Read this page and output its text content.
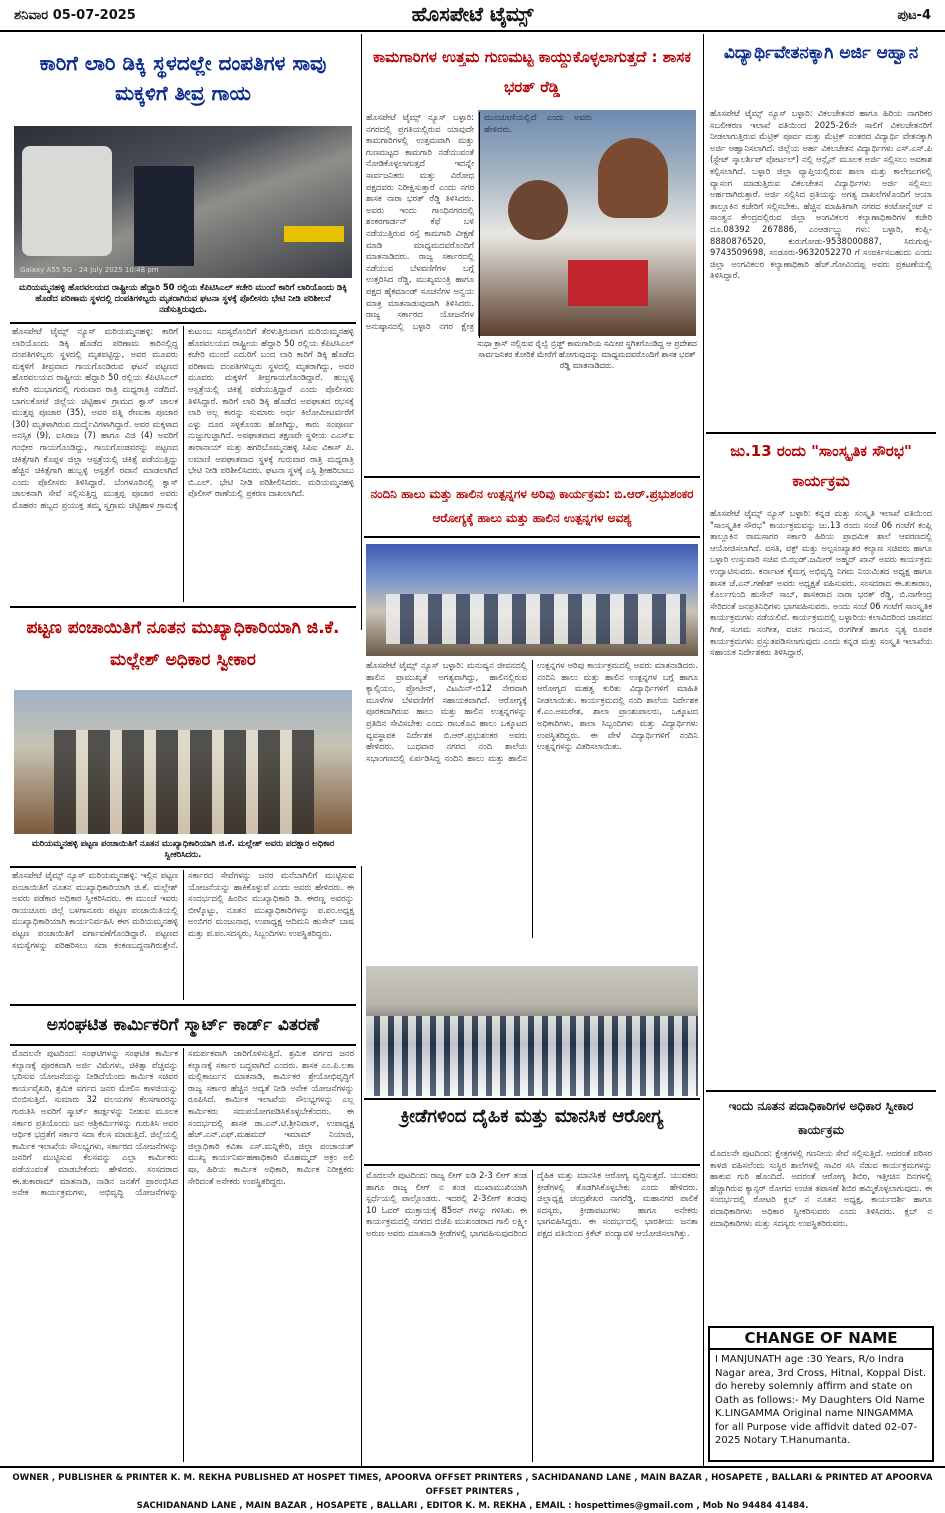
ಶನಿವಾರ 05-07-2025	ಹೊಸಪೇಟೆ ಟೈಮ್ಸ್	ಪುಟ-4
ಕಾರಿಗೆ ಲಾರಿ ಡಿಕ್ಕಿ ಸ್ಥಳದಲ್ಲೇ ದಂಪತಿಗಳ ಸಾವು ಮಕ್ಕಳಿಗೆ ತೀವ್ರ ಗಾಯ
Galaxy A55 5G · 24 July 2025 10:48 pm
ಮರಿಯಮ್ಮನಹಳ್ಳಿ ಹೊರವಲಯದ ರಾಷ್ಟ್ರೀಯ ಹೆದ್ದಾರಿ 50 ರಲ್ಲಿಯ ಕೆಪಿಟಿಸಿಎಲ್ ಕಚೇರಿ ಮುಂದೆ ಕಾರಿಗೆ ಲಾರಿಯೊಂದು ಡಿಕ್ಕಿ ಹೊಡೆದ ಪರಿಣಾಮ ಸ್ಥಳದಲ್ಲಿ ದಂಪತಿಗಳಿಬ್ಬರು ಮೃತರಾಗಿರುವ ಘಟನಾ ಸ್ಥಳಕ್ಕೆ ಪೊಲೀಸರು ಭೇಟಿ ನೀಡಿ ಪರಿಶೀಲನೆ ನಡೆಸುತ್ತಿರುವುದು.
ಹೊಸಪೇಟೆ ಟೈಮ್ಸ್ ನ್ಯೂಸ್ ಮರಿಯಮ್ಮನಹಳ್ಳಿ: ಕಾರಿಗೆ ಲಾರಿಯೊಂದು ಡಿಕ್ಕಿ ಹೊಡೆದ ಪರಿಣಾಮ ಕಾರಿನಲ್ಲಿದ್ದ ದಂಪತಿಗಳಿಬ್ಬರು ಸ್ಥಳದಲ್ಲಿ ಮೃತಪಟ್ಟಿದ್ದು, ಅವರ ಮೂವರು ಮಕ್ಕಳಿಗೆ ತೀವ್ರವಾದ ಗಾಯಗೊಂಡಿರುವ ಘಟನೆ ಪಟ್ಟಣದ ಹೊರವಲಯದ ರಾಷ್ಟ್ರೀಯ ಹೆದ್ದಾರಿ 50 ರಲ್ಲಿಯ ಕೆಪಿಟಿಸಿಎಲ್ ಕಚೇರಿ ಮುಭಾಗದಲ್ಲಿ ಗುರುವಾರ ರಾತ್ರಿ ಮಧ್ಯರಾತ್ರಿ ನಡೆದಿದೆ. ಬಾಗಲಕೋಟೆ ಜಿಲ್ಲೆಯ ಚಿಟ್ಟಿಹಾಳ ಗ್ರಾಮದ ಕ್ವಾಸ್ ಚಾಲಕ ಮುತ್ತಪ್ಪ ಪೂಜಾರ (35), ಅವರ ಪತ್ನಿ ರೇಣುಕಾ ಪೂಜಾರ (30) ಮೃತಳಾಗಿರುವ ದುರ್ದೈವಿಗಳಾಗಿದ್ದಾರೆ. ಅವರ ಮಕ್ಕಳಾದ ಅನಸ್ಸಿಕ (9), ಐಸಿರಾಜ (7) ಹಾಗೂ ವಿಜಿ (4) ಅವರಿಗೆ ಗಂಭೀರ ಗಾಯಗೊಂಡಿದ್ದು, ಗಾಯಗೊಂಡವರನ್ನು ಪಟ್ಟಣದ ಚಿಕಿತ್ಸೆಗಾಗಿ ಕೊಪ್ಪಳ ಜಿಲ್ಲಾ ಆಸ್ಪತ್ರೆಯಲ್ಲಿ ಚಿಕಿತ್ಸೆ ಪಡೆಯುತ್ತಿದ್ದು ಹೆಚ್ಚಿನ ಚಿಕಿತ್ಸೆಗಾಗಿ ಹುಬ್ಬಳ್ಳಿ ಆಸ್ಪತ್ರೆಗೆ ರವಾನೆ ಮಾಡಲಾಗಿದೆ ಎಂದು ಪೊಲೀಸರು ತಿಳಿಸಿದ್ದಾರೆ. ಬೆಂಗಳೂರಿನಲ್ಲಿ ಕ್ವಾಸ್ ಚಾಲಕನಾಗಿ ಸೇವೆ ಸಲ್ಲಿಸುತ್ತಿದ್ದ ಮುತ್ತಪ್ಪ ಪೂಜಾರ ಅವರು ಮೊಹರಂ ಹಬ್ಬದ ಪ್ರಯುಕ್ತ ತಮ್ಮ ಸ್ವಗ್ರಾಮ ಚಿಟ್ಟಿಹಾಳ ಗ್ರಾಮಕ್ಕೆ ಕುಟುಂಬ ಸದಸ್ಯರೊಂದಿಗೆ ತೆರಳುತ್ತಿರುವಾಗ ಮರಿಯಮ್ಮನಹಳ್ಳಿ ಹೊರವಲಯದ ರಾಷ್ಟ್ರೀಯ ಹೆದ್ದಾರಿ 50 ರಲ್ಲಿಯ ಕೆಪಿಟಿಸಿಎಲ್ ಕಚೇರಿ ಮುಂದೆ ಎದುರಿಗೆ ಬಂದ ಲಾರಿ ಕಾರಿಗೆ ಡಿಕ್ಕಿ ಹೊಡೆದ ಪರಿಣಾಮ ದಂಪತಿಗಳಿಬ್ಬರು ಸ್ಥಳದಲ್ಲಿ ಮೃತರಾಗಿದ್ದು, ಅವರ ಮೂವರು ಮಕ್ಕಳಿಗೆ ತೀವ್ರಗಾಯಗೊಂಡಿದ್ದಾರೆ. ಹುಬ್ಬಳ್ಳಿ ಆಸ್ಪತ್ರೆಯಲ್ಲಿ ಚಿಕಿತ್ಸೆ ಪಡೆಯುತ್ತಿದ್ದಾರೆ ಎಂದು ಪೊಲೀಸರು ತಿಳಿಸಿದ್ದಾರೆ. ಕಾರಿಗೆ ಲಾರಿ ಡಿಕ್ಕಿ ಹೊಡೆದ ಅಪಘಾತದ ರಭಸಕ್ಕೆ ಲಾರಿ ಅಲ್ಲ ಕಾರನ್ನು ಸುಮಾರು ಅರ್ಧ ಕಿಲೋಮೀಟರ್ವರೆಗೆ ಎಳ್ಳು ದೂರ ಸಳ್ಳಕೊಂಡು ಹೋಗಿದ್ದು, ಕಾರು ಸಂಪೂರ್ಣ ನುಜ್ಜುಗುಜ್ಜಾಗಿದೆ. ಅಪಘಾತವಾದ ತಕ್ಷಣವೇ ಸ್ಥಳೀಯ ಎಎಸ್ಐ ತಾರಾನಾಯ್ ಮತ್ತು ಹಗರಿಬೊಮ್ಮನಹಳ್ಳಿ ಸಿಪಿಐ ವಿಕಾಸ್ ಪಿ. ಲಮಾಣಿ ಅಪಘಾತವಾದ ಸ್ಥಳಕ್ಕೆ ಗುರುವಾರ ರಾತ್ರಿ ಮಧ್ಯರಾತ್ರಿ ಭೇಟಿ ನೀಡಿ ಪರಿಶೀಲಿಸಿದರು. ಘಟನಾ ಸ್ಥಳಕ್ಕೆ ಎಸ್ಪಿ ಶ್ರೀಹರಿಬಾಬು ಬಿ.ಎಲ್. ಭೇಟಿ ನೀಡಿ ಪರಿಶೀಲಿಸಿದರು. ಮರಿಯಮ್ಮನಹಳ್ಳಿ ಪೊಲೀಸ್ ಠಾಣೆಯಲ್ಲಿ ಪ್ರಕರಣ ದಾಖಲಾಗಿದೆ.
ಪಟ್ಟಣ ಪಂಚಾಯಿತಿಗೆ ನೂತನ ಮುಖ್ಯಾಧಿಕಾರಿಯಾಗಿ ಜಿ.ಕೆ. ಮಲ್ಲೇಶ್ ಅಧಿಕಾರ ಸ್ವೀಕಾರ
ಮರಿಯಮ್ಮನಹಳ್ಳಿ ಪಟ್ಟಣ ಪಂಚಾಯಿತಿಗೆ ನೂತನ ಮುಖ್ಯಾಧಿಕಾರಿಯಾಗಿ ಜಿ.ಕೆ. ಮಲ್ಲೇಶ್ ಅವರು ಪದಕ್ಷಾರ ಅಧಿಕಾರ ಸ್ವೀಕರಿಸಿದರು.
ಹೊಸಪೇಟೆ ಟೈಮ್ಸ್ ನ್ಯೂಸ್ ಮರಿಯಮ್ಮನಹಳ್ಳಿ: ಇಲ್ಲಿನ ಪಟ್ಟಣ ಪಂಚಾಯಿತಿಗೆ ನೂತನ ಮುಖ್ಯಾಧಿಕಾರಿಯಾಗಿ ಜಿ.ಕೆ. ಮಲ್ಲೇಶ್ ಅವರು ಪಡೆಕಾರ ಅಧಿಕಾರ ಸ್ವೀಕರಿಸಿದರು. ಈ ಮುಂಚೆ ಇವರು ರಾಯಚೂರು ಜಿಲ್ಲೆ ಬಳಗಾನೂರು ಪಟ್ಟಣ ಪಂಚಾಯಿತಿಯಲ್ಲಿ ಮುಖ್ಯಾಧಿಕಾರಿಯಾಗಿ ಕಾರ್ಯನಿರ್ವಹಿಸಿ ಈಗ ಮರಿಯಮ್ಮನಹಳ್ಳಿ ಪಟ್ಟಣ ಪಂಚಾಯಿತಿಗೆ ವರ್ಗಾವಣೆಗೊಂಡಿದ್ದಾರೆ. ಪಟ್ಟಣದ ಸಮಸ್ಯೆಗಳನ್ನು ಪರಿಹರಿಸಲು ಸದಾ ಕಂಕಣಬದ್ದನಾಗಿರುತ್ತೇನೆ. ಸರ್ಕಾರದ ಸೇವೆಗಳನ್ನು ಜನರ ಮನೆಬಾಗಿಲಿಗೆ ಮುಟ್ಟಿಸುವ ಯೋಜನೆಯನ್ನು ಹಾಕಿಕೊಳ್ಳುವೆ ಎಂದು ಅವರು ಹೇಳಿದರು. ಈ ಸಂದರ್ಭದಲ್ಲಿ ಹಿಂದಿನ ಮುಖ್ಯಾಧಿಕಾರಿ ಡಿ. ಈರಣ್ಣ ಅವರನ್ನು ಬೀಳ್ಕೊಟ್ಟು, ನೂತನ ಮುಖ್ಯಾಧಿಕಾರಿಗಳನ್ನು ಪ.ಪಂ.ಅಧ್ಯಕ್ಷ ಅಂಬಿಗರ ಮಂಜುನಾಥ, ಉಪಾಧ್ಯಕ್ಷ ಆದಿಮನಿ ಹುಸೇನ್ ಬಾಷ ಮತ್ತು ಪ.ಪಂ.ಸದಸ್ಯರು, ಸಿಬ್ಬಂದಿಗಳು ಉಪಸ್ಥಿತರಿದ್ದರು.
ಅಸಂಘಟಿತ ಕಾರ್ಮಿಕರಿಗೆ ಸ್ಮಾರ್ಟ್ ಕಾರ್ಡ್ ವಿತರಣೆ
ಮೊದಲನೇ ಪುಟದಿಂದ: ಸಂಘಟಿಗಳನ್ನು ಸಂಘಟಿತ ಕಾರ್ಮಿಕ ಕಲ್ಯಾಣಕ್ಕೆ ಪೂರಕವಾಗಿ ಅರ್ಜಿ ವಿಮೆಗಳು, ಚಿಕಿತ್ಸಾ ವೆಚ್ಚವನ್ನು ಭರಿಸುವ ಯೋಜನೆಯನ್ನು ನೀಡಿದೆಯೆಂದು ಕಾರ್ಮಿಕ ಸಚಿವರ ಕಾರ್ಯವೈಖರಿ, ಶ್ರಮಿಕ ವರ್ಗದ ಜನರ ಮೇಲಿನ ಕಾಳಜಿಯನ್ನು ಬಿಂಬಿಸುತ್ತಿದೆ. ಸುಮಾರು 32 ವಲಯಗಳ ಕೆಲಸಗಾರರನ್ನು ಗುರುತಿಸಿ ಅವರಿಗೆ ಸ್ಮಾರ್ಟ್ ಕಾರ್ಡ್ಗಳನ್ನು ನೀಡುವ ಮೂಲಕ ಸರ್ಕಾರ ಪ್ರತಿಯೊಂದು ಜನ ಆಶ್ರಿಕರ್ಮಿಗಳನ್ನು ಗುರುತಿಸಿ ಅವರ ಆರ್ಥಿಕ ಭದ್ರತೆಗೆ ಸರ್ಕಾರ ಸದಾ ಕೆಲಸ ಮಾಡುತ್ತಿದೆ. ಜಿಲ್ಲೆಯಲ್ಲಿ ಕಾರ್ಮಿಕ ಇಲಾಖೆಯ ಸೌಲಭ್ಯಗಳು, ಸರ್ಕಾರದ ಯೋಜನೆಗಳನ್ನು ಜನರಿಗೆ ಮುಟ್ಟಿಸುವ ಕೆಲಸವನ್ನು ಎಲ್ಲಾ ಕಾರ್ಮಿಕರು ಪಡೆಯುವಂತೆ ಮಾಡಬೇಕೆಂದು ಹೇಳಿದರು. ಸಂಸದರಾದ ಈ.ತುಕಾರಾಮ್ ಮಾತನಾಡಿ, ನಾಡಿನ ಜನತೆಗೆ ಪ್ರಾರಂಭಿಸಿದ ಅನೇಕ ಕಾರ್ಯಕ್ರಮಗಳು, ಅಭಿವೃದ್ಧಿ ಯೋಜನೆಗಳನ್ನು ಸಮರ್ಪಕವಾಗಿ ಜಾರಿಗೊಳಿಸುತ್ತಿದೆ. ಶ್ರಮಿಕ ವರ್ಗದ ಜನರ ಕಲ್ಯಾಣಕ್ಕೆ ಸರ್ಕಾರ ಬದ್ಧವಾಗಿದೆ ಎಂದರು. ಶಾಸಕ ಎಂ.ಪಿ.ಲತಾ ಮಲ್ಲಿಕಾರ್ಜುನ ಮಾತನಾಡಿ, ಕಾರ್ಮಿಕರ ಶ್ರೇಯೋಭಿವೃದ್ಧಿಗೆ ರಾಜ್ಯ ಸರ್ಕಾರ ಹೆಚ್ಚಿನ ಆದ್ಯತೆ ನೀಡಿ ಅನೇಕ ಯೋಜನೆಗಳನ್ನು ರೂಪಿಸಿದೆ. ಕಾರ್ಮಿಕ ಇಲಾಖೆಯ ಸೌಲಭ್ಯಗಳನ್ನು ಎಲ್ಲ ಕಾರ್ಮಿಕರು ಸದುಪಯೋಗಪಡಿಸಿಕೊಳ್ಳಬೇಕೆಂದರು. ಈ ಸಂದರ್ಭದಲ್ಲಿ ಶಾಸಕ ಡಾ.ಎನ್.ಟಿ.ಶ್ರೀನಿವಾಸ್, ಉಪಾಧ್ಯಕ್ಷ ಹೆಚ್.ಎನ್.ಎಫ್.ಮಹಮದ್ ಇಮಾಮ್ ನಿಯಾಜಿ, ಜಿಲ್ಲಾಧಿಕಾರಿ ಕವಿತಾ ಎಸ್.ಮನ್ನಿಕೇರಿ, ಜಿಲ್ಲಾ ಪಂಚಾಯತ್ ಮುಖ್ಯ ಕಾರ್ಯನಿರ್ವಹಣಾಧಿಕಾರಿ ಮೊಹಮ್ಮದ್ ಅಕ್ರಂ ಅಲಿ ಷಾ, ಹಿರಿಯ ಕಾರ್ಮಿಕ ಅಧಿಕಾರಿ, ಕಾರ್ಮಿಕ ನಿರೀಕ್ಷಕರು ಸೇರಿದಂತೆ ಅನೇಕರು ಉಪಸ್ಥಿತರಿದ್ದರು.
ಕಾಮಗಾರಿಗಳ ಉತ್ತಮ ಗುಣಮಟ್ಟ ಕಾಯ್ದುಕೊಳ್ಳಲಾಗುತ್ತದೆ : ಶಾಸಕ ಭರತ್ ರೆಡ್ಡಿ
ಹೊಸಪೇಟೆ ಟೈಮ್ಸ್ ನ್ಯೂಸ್ ಬಳ್ಳಾರಿ: ನಗರದಲ್ಲಿ ಪ್ರಗತಿಯಲ್ಲಿರುವ ಯಾವುದೇ ಕಾಮಗಾರಿಗಳಲ್ಲಿ ಉತ್ತಮವಾಗಿ ಮತ್ತು ಗುಣಮಟ್ಟದ ಕಾಮಗಾರಿ ನಡೆಯುವಂತೆ ನೋಡಿಕೊಳ್ಳಲಾಗುತ್ತದೆ ಇದನ್ನೇ ಸಾರ್ವಜನಿಕರು ಮತ್ತು ವಿರೋಧ ಪಕ್ಷದವರು ನಿರೀಕ್ಷಿಸುತ್ತಾರೆ ಎಂದು ನಗರ ಶಾಸಕ ನಾರಾ ಭರತ್ ರೆಡ್ಡಿ ತಿಳಿಸಿದರು. ಅವರು ಇಂದು ಗಾಂಧಿನಗರದಲ್ಲಿ ಶಂಕರಗಾರ್ಡನ್ ಕೆಫೆ ಬಳಿ ನಡೆಯುತ್ತಿರುವ ರಸ್ತೆ ಕಾಮಗಾರಿ ವೀಕ್ಷಣೆ ಮಾಡಿ ಮಾಧ್ಯಮದವರೊಂದಿಗೆ ಮಾತನಾಡಿದರು. ರಾಜ್ಯ ಸರ್ಕಾರದಲ್ಲಿ ನಡೆಯುವ ಬೆಳವಣಿಗೆಗಳ ಬಗ್ಗೆ ಉತ್ತರಿಸಿದ ರೆಡ್ಡಿ, ಮುಖ್ಯಮಂತ್ರಿ ಹಾಗೂ ಪಕ್ಷದ ಹೈಕಮಾಂಡ್ ಸೂಚನೆಗಳ ಅನ್ವಯ ಮಾತ್ರ ಮಾತನಾಡುವುದಾಗಿ ತಿಳಿಸಿದರು. ರಾಜ್ಯ ಸರ್ಕಾರದ ಯೋಜನೆಗಳ ಅನುಷ್ಠಾನದಲ್ಲಿ ಬಳ್ಳಾರಿ ನಗರ ಕ್ಷೇತ್ರ
ಸುಧಾ ಕ್ರಾಸ್ ನಲ್ಲಿರುವ ರೈಲ್ವೆ ಬ್ರಿಡ್ಜ್ ಕಾಮಗಾರಿಯ ಸಮೀಪ ಸ್ಥಗಿತಗೊಂಡಿದ್ದ ಆ ಪ್ರದೇಶದ ಸಾರ್ವಜನಿಕರ ಕೋರಿಕೆ ಮೇರೆಗೆ ಹೋಗುವುದನ್ನು ಮಾಧ್ಯಮದವರೊಂದಿಗೆ ಶಾಸಕ ಭರತ್ ರೆಡ್ಡಿ ಮಾತನಾಡಿದರು.
ನಂದಿನಿ ಹಾಲು ಮತ್ತು ಹಾಲಿನ ಉತ್ಪನ್ನಗಳ ಅರಿವು ಕಾರ್ಯಕ್ರಮ: ಬಿ.ಆರ್.ಪ್ರಭುಶಂಕರ ಆರೋಗ್ಯಕ್ಕೆ ಹಾಲು ಮತ್ತು ಹಾಲಿನ ಉತ್ಪನ್ನಗಳ ಅವಶ್ಯ
ಹೊಸಪೇಟೆ ಟೈಮ್ಸ್ ನ್ಯೂಸ್ ಬಳ್ಳಾರಿ: ಮನುಷ್ಯನ ಜೀವನದಲ್ಲಿ ಹಾಲಿನ ಪ್ರಾಮುಖ್ಯತೆ ಅಗತ್ಯವಾಗಿದ್ದು, ಹಾಲಿನಲ್ಲಿರುವ ಕ್ಯಾಲ್ಸಿಯಂ, ಪ್ರೋಟೀನ್, ವಿಟಮಿನ್-ಬಿ12 ನೇರವಾಗಿ ಮೂಳೆಗಳ ಬೆಳವಣಿಗೆಗೆ ಸಹಾಯಕವಾಗಿದೆ. ಆರೋಗ್ಯಕ್ಕೆ ಪೂರಕವಾಗಿರುವ ಹಾಲು ಮತ್ತು ಹಾಲಿನ ಉತ್ಪನ್ನಗಳನ್ನು ಪ್ರತಿದಿನ ಸೇವಿಸಬೇಕು ಎಂದು ರಾಬಕೊವಿ ಹಾಲು ಒಕ್ಕೂಟದ ವ್ಯವಸ್ಥಾಪಕ ನಿರ್ದೇಶಕ ಬಿ.ಆರ್.ಪ್ರಭುಶಂಕರ ಅವರು ಹೇಳಿದರು. ಬುಧವಾರ ನಗರದ ನಂದಿ ಶಾಲೆಯ ಸಭಾಂಗಣದಲ್ಲಿ ಏರ್ಪಡಿಸಿದ್ದ ನಂದಿನಿ ಹಾಲು ಮತ್ತು ಹಾಲಿನ ಉತ್ಪನ್ನಗಳ ಅರಿವು ಕಾರ್ಯಕ್ರಮದಲ್ಲಿ ಅವರು ಮಾತನಾಡಿದರು. ನಂದಿನಿ ಹಾಲು ಮತ್ತು ಹಾಲಿನ ಉತ್ಪನ್ನಗಳ ಬಗ್ಗೆ ಹಾಗೂ ಆರೋಗ್ಯದ ಮಹತ್ವ ಕುರಿತು ವಿದ್ಯಾರ್ಥಿಗಳಿಗೆ ಮಾಹಿತಿ ನೀಡಲಾಯಿತು. ಕಾರ್ಯಕ್ರಮದಲ್ಲಿ ನಂದಿ ಶಾಲೆಯ ನಿರ್ದೇಶಕ ಕೆ.ಎಂ.ಅಮರೇಶ, ಶಾಲಾ ಪ್ರಾಂಶುಪಾಲರು, ಒಕ್ಕೂಟದ ಅಧಿಕಾರಿಗಳು, ಶಾಲಾ ಸಿಬ್ಬಂದಿಗಳು ಮತ್ತು ವಿದ್ಯಾರ್ಥಿಗಳು ಉಪಸ್ಥಿತರಿದ್ದರು. ಈ ವೇಳೆ ವಿದ್ಯಾರ್ಥಿಗಳಿಗೆ ನಂದಿನಿ ಉತ್ಪನ್ನಗಳನ್ನು ವಿತರಿಸಲಾಯಿತು.
ಕ್ರೀಡೆಗಳಿಂದ ದೈಹಿಕ ಮತ್ತು ಮಾನಸಿಕ ಆರೋಗ್ಯ
ಮೊದಲನೇ ಪುಟದಿಂದ: ರಾಜ್ಯ ಲೀಗ್ ಐಡಿ 2-3 ಲೀಗ್ ತಂಡ ಹಾಗೂ ರಾಜ್ಯ ಲೀಗ್ ನ ತಂಡ ಮುಖಾಮುಖಿಯಾಗಿ ಸ್ಪರ್ಧೆಯಲ್ಲಿ ಪಾಲ್ಗೊಂಡರು. ಇದರಲ್ಲಿ 2-3ಲೀಗ್ ತಂಡವು 10 ಓವರ್ ಮುಕ್ತಾಯಕ್ಕೆ 85ರನ್ ಗಳನ್ನು ಗಳಿಸಿತು. ಈ ಕಾರ್ಯಕ್ರಮದಲ್ಲಿ ನಗರದ ಬಿಜೆಪಿ ಮುಖಂಡರಾದ ಗಾಲಿ ಲಕ್ಷ್ಮೀ ಅರುಣ ಅವರು ಮಾತನಾಡಿ ಕ್ರೀಡೆಗಳಲ್ಲಿ ಭಾಗವಹಿಸುವುದರಿಂದ ದೈಹಿಕ ಮತ್ತು ಮಾನಸಿಕ ಆರೋಗ್ಯ ವೃದ್ಧಿಸುತ್ತದೆ. ಯುವಕರು ಕ್ರೀಡೆಗಳಲ್ಲಿ ತೊಡಗಿಸಿಕೊಳ್ಳಬೇಕು ಎಂದು ಹೇಳಿದರು. ಜಿಲ್ಲಾಧ್ಯಕ್ಷ ಚಂದ್ರಶೇಖರ ನಾಗರೆಡ್ಡಿ, ಮಹಾನಗರ ಪಾಲಿಕೆ ಸದಸ್ಯರು, ಕ್ರೀಡಾಪಟುಗಳು ಹಾಗೂ ಅನೇಕರು ಭಾಗವಹಿಸಿದ್ದರು. ಈ ಸಂದರ್ಭದಲ್ಲಿ ಭಾರತೀಯ ಜನತಾ ಪಕ್ಷದ ವತಿಯಿಂದ ಕ್ರಿಕೆಟ್ ಪಂದ್ಯಾವಳಿ ಆಯೋಜಿಸಲಾಗಿತ್ತು.
ವಿದ್ಯಾರ್ಥಿವೇತನಕ್ಕಾಗಿ ಅರ್ಜಿ ಆಹ್ವಾನ
ಹೊಸಪೇಟೆ ಟೈಮ್ಸ್ ನ್ಯೂಸ್ ಬಳ್ಳಾರಿ: ವಿಕಲಚೇತನರ ಹಾಗೂ ಹಿರಿಯ ನಾಗರಿಕರ ಸಬಲೀಕರಣ ಇಲಾಖೆ ವತಿಯಿಂದ 2025-26ನೇ ಸಾಲಿಗೆ ವಿಕಲಚೇತನರಿಗೆ ನೀಡಲಾಗುತ್ತಿರುವ ಮೆಟ್ರಿಕ್ ಪೂರ್ವ ಮತ್ತು ಮೆಟ್ರಿಕ್ ನಂತರದ ವಿದ್ಯಾರ್ಥಿ ವೇತನಕ್ಕಾಗಿ ಅರ್ಜಿ ಆಹ್ವಾನಿಸಲಾಗಿದೆ. ಜಿಲ್ಲೆಯ ಅರ್ಹ ವಿಕಲಚೇತನ ವಿದ್ಯಾರ್ಥಿಗಳು ಎಸ್.ಎಸ್.ಪಿ (ಸ್ಟೇಟ್ ಸ್ಕಾಲರ್ಶಿಪ್ ಪೋರ್ಟಲ್) ನಲ್ಲಿ ಆನ್ಲೈನ್ ಮೂಲಕ ಅರ್ಜಿ ಸಲ್ಲಿಸಲು ಅವಕಾಶ ಕಲ್ಪಿಸಲಾಗಿದೆ. ಬಳ್ಳಾರಿ ಜಿಲ್ಲಾ ವ್ಯಾಪ್ತಿಯಲ್ಲಿರುವ ಶಾಲಾ ಮತ್ತು ಕಾಲೇಜುಗಳಲ್ಲಿ ವ್ಯಾಸಂಗ ಮಾಡುತ್ತಿರುವ ವಿಕಲಚೇತನ ವಿದ್ಯಾರ್ಥಿಗಳು ಅರ್ಜಿ ಸಲ್ಲಿಸಲು ಅರ್ಹರಾಗಿರುತ್ತಾರೆ. ಅರ್ಜಿ ಸಲ್ಲಿಸಿದ ಪ್ರತಿಯನ್ನು ಅಗತ್ಯ ದಾಖಲೆಗಳೊಂದಿಗೆ ಆಯಾ ತಾಲ್ಲೂಕಿನ ಕಚೇರಿಗೆ ಸಲ್ಲಿಸಬೇಕು. ಹೆಚ್ಚಿನ ಮಾಹಿತಿಗಾಗಿ ನಗರದ ಕಂಟೋನ್ಮೆಂಟ್ ನ ಸಾಂತ್ವನ ಕೇಂದ್ರದಲ್ಲಿರುವ ಜಿಲ್ಲಾ ಅಂಗವಿಕಲರ ಕಲ್ಯಾಣಾಧಿಕಾರಿಗಳ ಕಚೇರಿ ದೂ.08392 267886, ಎಂಆರ್ಡಬ್ಲ್ಯು ಗಳು: ಬಳ್ಳಾರಿ, ಕಂಪ್ಲಿ- 8880876520, ಕುರುಗೋಡು-9538000887, ಸಿರುಗುಪ್ಪ- 9743509698, ಸಂಡೂರು-9632052270 ಗೆ ಸಂಪರ್ಕಿಸಬಹುದು ಎಂದು ಜಿಲ್ಲಾ ಅಂಗವಿಕಲರ ಕಲ್ಯಾಣಾಧಿಕಾರಿ ಹೆಚ್.ಗೋವಿಂದಪ್ಪ ಅವರು ಪ್ರಕಟಣೆಯಲ್ಲಿ ತಿಳಿಸಿದ್ದಾರೆ.
ಜು.13 ರಂದು "ಸಾಂಸ್ಕೃತಿಕ ಸೌರಭ" ಕಾರ್ಯಕ್ರಮ
ಹೊಸಪೇಟೆ ಟೈಮ್ಸ್ ನ್ಯೂಸ್ ಬಳ್ಳಾರಿ: ಕನ್ನಡ ಮತ್ತು ಸಂಸ್ಕೃತಿ ಇಲಾಖೆ ವತಿಯಿಂದ "ಸಾಂಸ್ಕೃತಿಕ ಸೌರಭ" ಕಾರ್ಯಕ್ರಮವನ್ನು ಜು.13 ರಂದು ಸಂಜೆ 06 ಗಂಟೆಗೆ ಕಂಪ್ಲಿ ತಾಲ್ಲೂಕಿನ ರಾಮಸಾಗರ ಸರ್ಕಾರಿ ಹಿರಿಯ ಪ್ರಾಥಮಿಕ ಶಾಲೆ ಆವರಣದಲ್ಲಿ ಆಯೋಜಿಸಲಾಗಿದೆ. ವಸತಿ, ವಕ್ಫ್ ಮತ್ತು ಅಲ್ಪಸಂಖ್ಯಾತರ ಕಲ್ಯಾಣ ಸಚಿವರು ಹಾಗೂ ಬಳ್ಳಾರಿ ಉಸ್ತುವಾರಿ ಸಚಿವ ಬಿ.ಝಡ್.ಜಮೀರ್ ಅಹ್ಮದ್ ಖಾನ್ ಅವರು ಕಾರ್ಯಕ್ರಮ ಉದ್ಘಾಟಿಸುವರು. ಕರ್ನಾಟಕ ಕೈಮಗ್ಗ ಅಭಿವೃದ್ಧಿ ನಿಗಮ ನಿಯಮಿತದ ಅಧ್ಯಕ್ಷ ಹಾಗೂ ಶಾಸಕ ಜೆ.ಎನ್.ಗಣೇಶ್ ಅವರು ಅಧ್ಯಕ್ಷತೆ ವಹಿಸುವರು. ಸಂಸದರಾದ ಈ.ತುಕಾರಾಂ, ಕೊರ್ಲಗುಂದಿ ಹುಸೇನ್ ಸಾಬ್, ಶಾಸಕರಾದ ನಾರಾ ಭರತ್ ರೆಡ್ಡಿ, ಬಿ.ನಾಗೇಂದ್ರ ಸೇರಿದಂತೆ ಜನಪ್ರತಿನಿಧಿಗಳು ಭಾಗವಹಿಸುವರು. ಅಂದು ಸಂಜೆ 06 ಗಂಟೆಗೆ ಸಾಂಸ್ಕೃತಿಕ ಕಾರ್ಯಕ್ರಮಗಳು ನಡೆಯಲಿವೆ. ಕಾರ್ಯಕ್ರಮದಲ್ಲಿ ಬಳ್ಳಾರಿಯ ಕಲಾವಿದರಿಂದ ಜಾನಪದ ಗೀತೆ, ಸುಗಮ ಸಂಗೀತ, ವಚನ ಗಾಯನ, ರಂಗಗೀತೆ ಹಾಗೂ ನೃತ್ಯ ರೂಪಕ ಕಾರ್ಯಕ್ರಮಗಳು ಪ್ರಸ್ತುತಪಡಿಸಲಾಗುವುದು ಎಂದು ಕನ್ನಡ ಮತ್ತು ಸಂಸ್ಕೃತಿ ಇಲಾಖೆಯ ಸಹಾಯಕ ನಿರ್ದೇಶಕರು ತಿಳಿಸಿದ್ದಾರೆ.
ಇಂದು ನೂತನ ಪದಾಧಿಕಾರಿಗಳ ಅಧಿಕಾರ ಸ್ವೀಕಾರ ಕಾರ್ಯಕ್ರಮ
ಮೊದಲನೇ ಪುಟದಿಂದ: ಕ್ಷೇತ್ರಗಳಲ್ಲಿ ಗಣನೀಯ ಸೇವೆ ಸಲ್ಲಿಸುತ್ತಿದೆ. ಅದರಂತೆ ಪರಿಸರ ಕಾಳಜಿ ವಹಿಸಲೆಂದು ಸುಸ್ಥಿರ ಶಾಲೆಗಳಲ್ಲಿ ಸಾವಿರ ಸಸಿ ನೆಡುವ ಕಾರ್ಯಕ್ರಮಗಳನ್ನು ಹಾಕುವ ಗುರಿ ಹೊಂದಿದೆ. ಅದರಂತೆ ಆರೋಗ್ಯ ಶಿಬಿರ, ಇತ್ತೀಚಿನ ದಿನಗಳಲ್ಲಿ ಹೆಚ್ಚಾಗಿರುವ ಕ್ಯಾನ್ಸರ್ ರೋಗದ ಉಚಿತ ತಪಾಸಣೆ ಶಿಬಿರ ಹಮ್ಮಿಕೊಳ್ಳಲಾಗುವುದು. ಈ ಸಂದರ್ಭದಲ್ಲಿ ರೋಟರಿ ಕ್ಲಬ್ ನ ನೂತನ ಅಧ್ಯಕ್ಷ, ಕಾರ್ಯದರ್ಶಿ ಹಾಗೂ ಪದಾಧಿಕಾರಿಗಳು ಅಧಿಕಾರ ಸ್ವೀಕರಿಸುವರು ಎಂದು ತಿಳಿಸಿದರು. ಕ್ಲಬ್ ನ ಪದಾಧಿಕಾರಿಗಳು ಮತ್ತು ಸದಸ್ಯರು ಉಪಸ್ಥಿತರಿರುವರು.
CHANGE OF NAME
I MANJUNATH age :30 Years, R/o Indra Nagar area, 3rd Cross, Hitnal, Koppal Dist. do hereby solemnly affirm and state on Oath as follows:- My Daughters Old Name K.LINGAMMA Original name NINGAMMA for all Purpose vide affidvit dated 02-07-2025 Notary T.Hanumanta.
OWNER , PUBLISHER & PRINTER K. M. REKHA PUBLISHED AT HOSPET TIMES, APOORVA OFFSET PRINTERS , SACHIDANAND LANE , MAIN BAZAR , HOSAPETE , BALLARI & PRINTED AT APOORVA OFFSET PRINTERS ,
SACHIDANAND LANE , MAIN BAZAR , HOSAPETE , BALLARI , EDITOR K. M. REKHA , EMAIL : hospettimes@gmail.com , Mob No 94484 41484.
